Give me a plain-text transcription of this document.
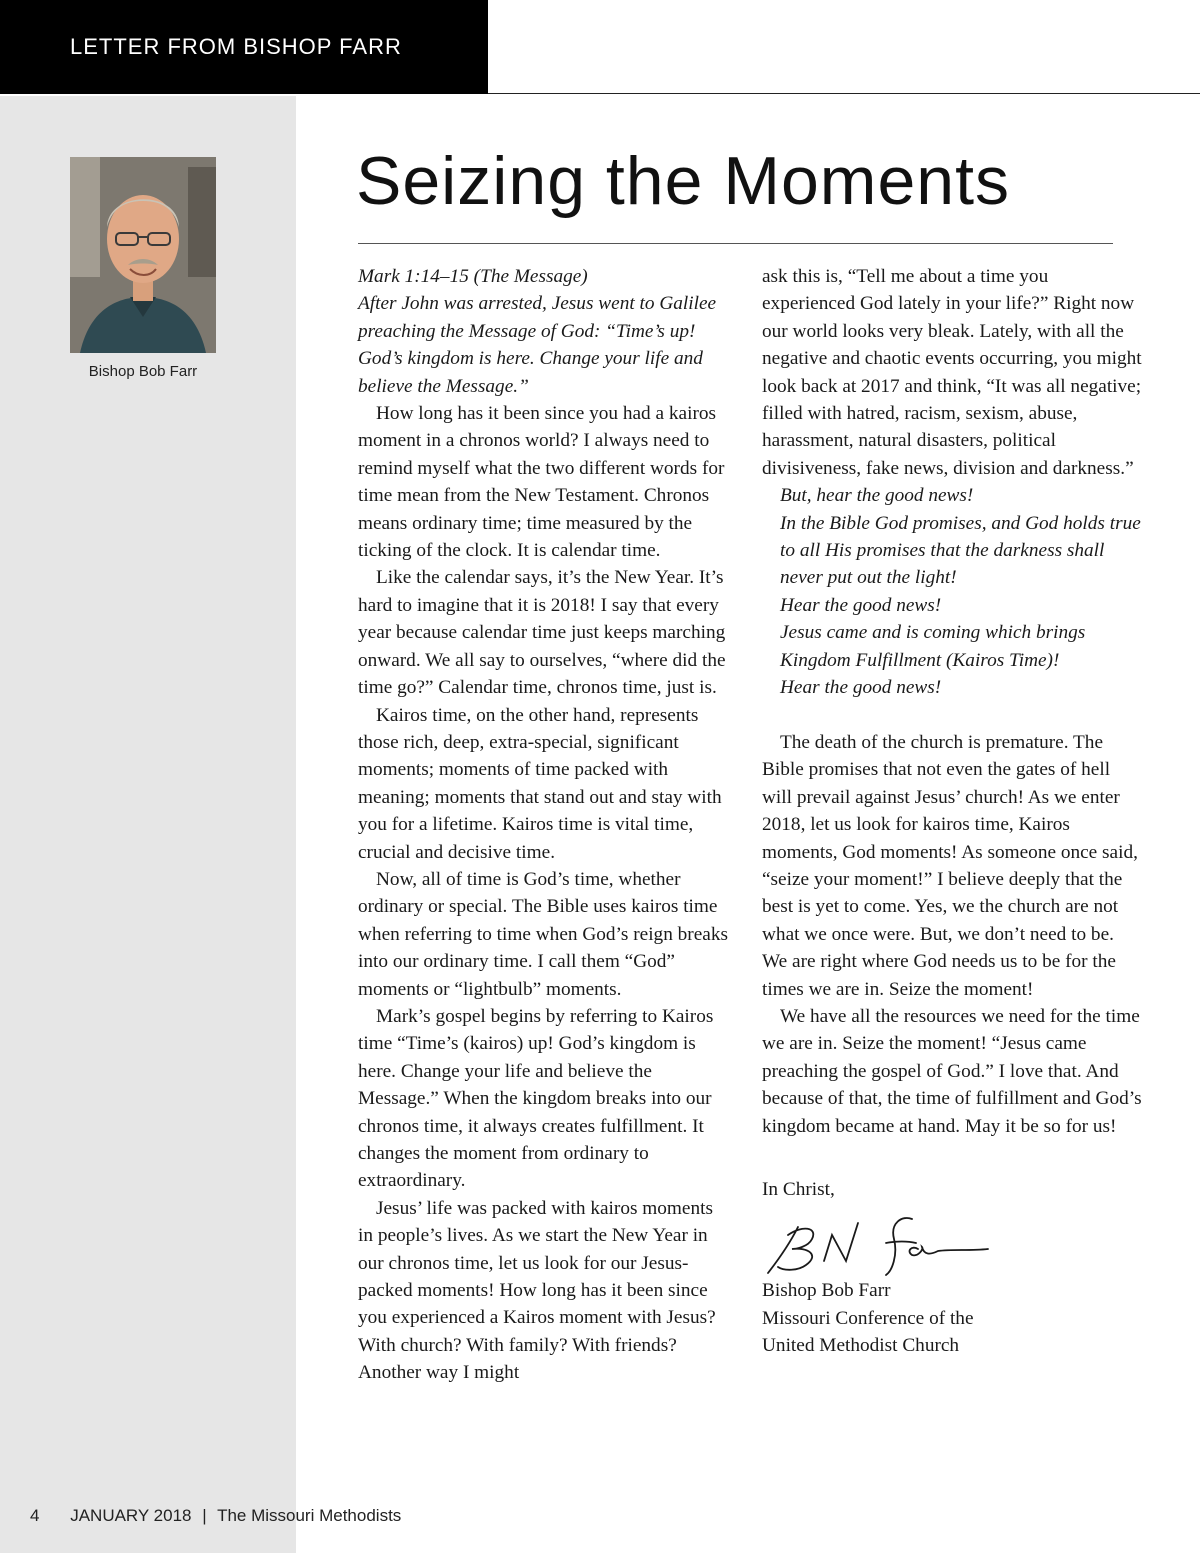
LETTER FROM BISHOP FARR
Bishop Bob Farr
Seizing the Moments
Mark 1:14–15 (The Message)
After John was arrested, Jesus went to Galilee preaching the Message of God: “Time’s up! God’s kingdom is here. Change your life and believe the Message.”

How long has it been since you had a kairos moment in a chronos world? I always need to remind myself what the two different words for time mean from the New Testament. Chronos means ordinary time; time measured by the ticking of the clock. It is calendar time.

Like the calendar says, it’s the New Year. It’s hard to imagine that it is 2018! I say that every year because calendar time just keeps marching onward. We all say to ourselves, “where did the time go?” Calendar time, chronos time, just is.

Kairos time, on the other hand, represents those rich, deep, extra-special, significant moments; moments of time packed with meaning; moments that stand out and stay with you for a lifetime. Kairos time is vital time, crucial and decisive time.

Now, all of time is God’s time, whether ordinary or special. The Bible uses kairos time when referring to time when God’s reign breaks into our ordinary time. I call them “God” moments or “lightbulb” moments.

Mark’s gospel begins by referring to Kairos time “Time’s (kairos) up! God’s kingdom is here. Change your life and believe the Message.” When the kingdom breaks into our chronos time, it always creates fulfillment. It changes the moment from ordinary to extraordinary.

Jesus’ life was packed with kairos moments in people’s lives. As we start the New Year in our chronos time, let us look for our Jesus-packed moments! How long has it been since you experienced a Kairos moment with Jesus? With church? With family? With friends? Another way I might

ask this is, “Tell me about a time you experienced God lately in your life?” Right now our world looks very bleak. Lately, with all the negative and chaotic events occurring, you might look back at 2017 and think, “It was all negative; filled with hatred, racism, sexism, abuse, harassment, natural disasters, political divisiveness, fake news, division and darkness.”

But, hear the good news!
In the Bible God promises, and God holds true to all His promises that the darkness shall never put out the light!
Hear the good news!
Jesus came and is coming which brings Kingdom Fulfillment (Kairos Time)!
Hear the good news!

The death of the church is premature. The Bible promises that not even the gates of hell will prevail against Jesus’ church! As we enter 2018, let us look for kairos time, Kairos moments, God moments! As someone once said, “seize your moment!” I believe deeply that the best is yet to come. Yes, we the church are not what we once were. But, we don’t need to be. We are right where God needs us to be for the times we are in. Seize the moment!

We have all the resources we need for the time we are in. Seize the moment! “Jesus came preaching the gospel of God.” I love that. And because of that, the time of fulfillment and God’s kingdom became at hand. May it be so for us!

In Christ,
Bishop Bob Farr
Missouri Conference of the
United Methodist Church
4 JANUARY 2018 | The Missouri Methodists
